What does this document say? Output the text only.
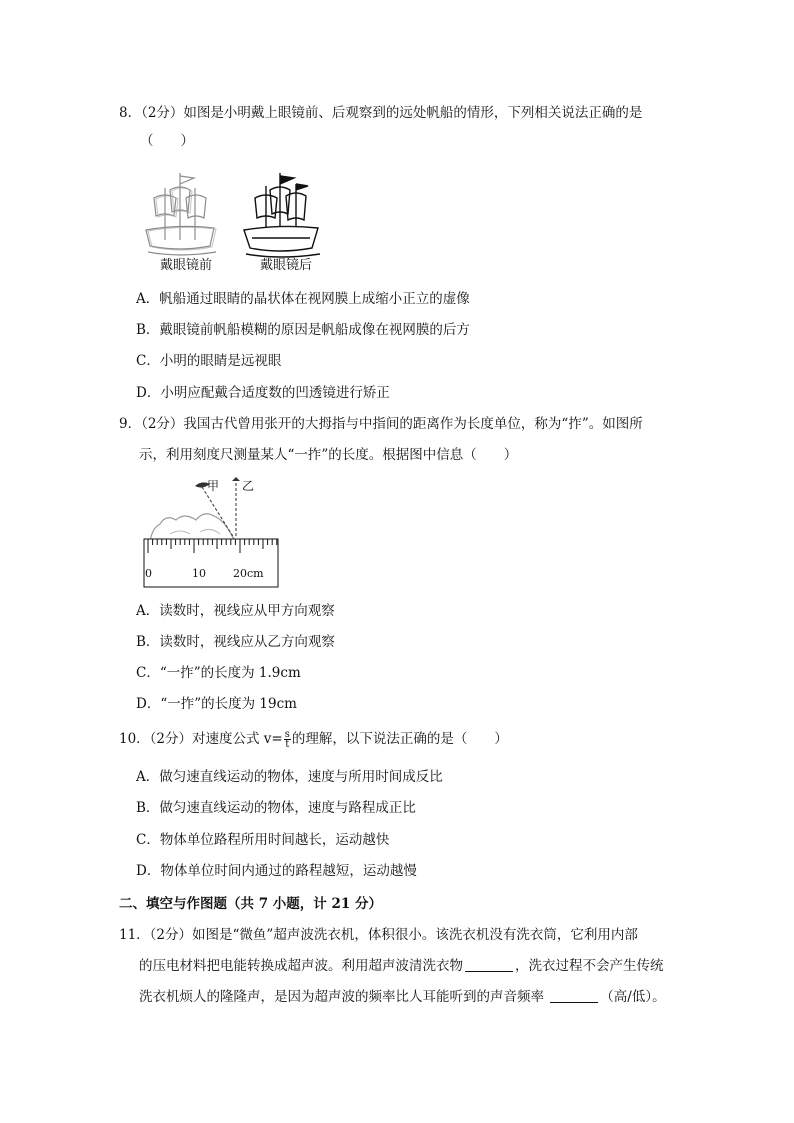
8．（2分）如图是小明戴上眼镜前、后观察到的远处帆船的情形，下列相关说法正确的是
（　　）
戴眼镜前	戴眼镜后
A．帆船通过眼睛的晶状体在视网膜上成缩小正立的虚像
B．戴眼镜前帆船模糊的原因是帆船成像在视网膜的后方
C．小明的眼睛是远视眼
D．小明应配戴合适度数的凹透镜进行矫正
9．（2分）我国古代曾用张开的大拇指与中指间的距离作为长度单位，称为“拃”。如图所
示，利用刻度尺测量某人“一拃”的长度。根据图中信息（　　）
甲 乙
0	10 20cm
A．读数时，视线应从甲方向观察
B．读数时，视线应从乙方向观察
C．“一拃”的长度为 1.9cm
D．“一拃”的长度为 19cm
10．（2分）对速度公式 $v= \frac{s}{t}$ 的理解，以下说法正确的是（　　）
A．做匀速直线运动的物体，速度与所用时间成反比
B．做匀速直线运动的物体，速度与路程成正比
C．物体单位路程所用时间越长，运动越快
D．物体单位时间内通过的路程越短，运动越慢
二、填空与作图题（共 7 小题，计 21 分）
11．（2分）如图是“微鱼”超声波洗衣机，体积很小。该洗衣机没有洗衣筒，它利用内部
的压电材料把电能转换成超声波。利用超声波清洗衣物	，洗衣过程不会产生传统
洗衣机烦人的隆隆声，是因为超声波的频率比人耳能听到的声音频率	（高/低）。
